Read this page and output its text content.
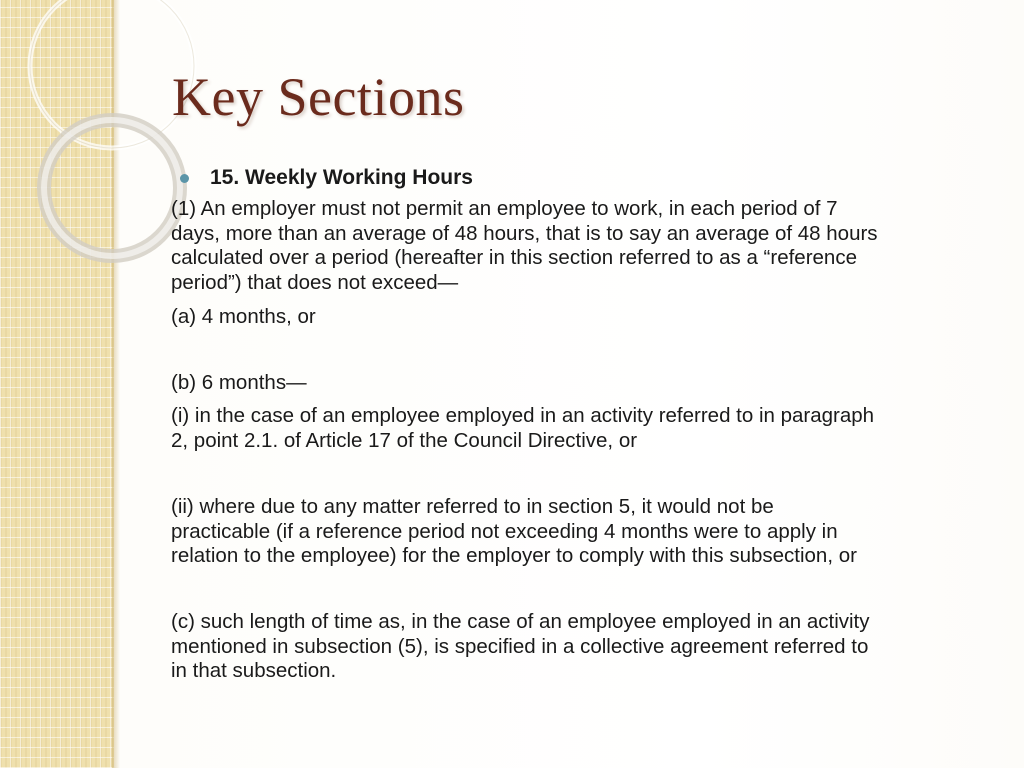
Key Sections
15. Weekly Working Hours

(1) An employer must not permit an employee to work, in each period of 7
days, more than an average of 48 hours, that is to say an average of 48 hours
calculated over a period (hereafter in this section referred to as a “reference
period”) that does not exceed—

(a) 4 months, or

(b) 6 months—

(i) in the case of an employee employed in an activity referred to in paragraph
2, point 2.1. of Article 17 of the Council Directive, or

(ii) where due to any matter referred to in section 5, it would not be
practicable (if a reference period not exceeding 4 months were to apply in
relation to the employee) for the employer to comply with this subsection, or

(c) such length of time as, in the case of an employee employed in an activity
mentioned in subsection (5), is specified in a collective agreement referred to
in that subsection.
